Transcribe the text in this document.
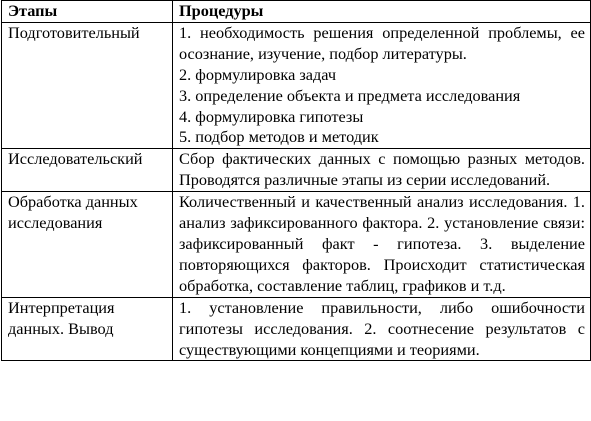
Этапы	Процедуры
Подготовительный	1. необходимость решения определенной проблемы, ее осознание, изучение, подбор литературы.
2. формулировка задач
3. определение объекта и предмета исследования
4. формулировка гипотезы
5. подбор методов и методик

Исследовательский	Сбор фактических данных с помощью разных методов. Проводятся различные этапы из серии исследований.
Обработка данных исследования	Количественный и качественный анализ исследования. 1. анализ зафиксированного фактора. 2. установление связи: зафиксированный факт - гипотеза. 3. выделение повторяющихся факторов. Происходит статистическая обработка, составление таблиц, графиков и т.д.
Интерпретация данных. Вывод	1. установление правильности, либо ошибочности гипотезы исследования. 2. соотнесение результатов с существующими концепциями и теориями.
